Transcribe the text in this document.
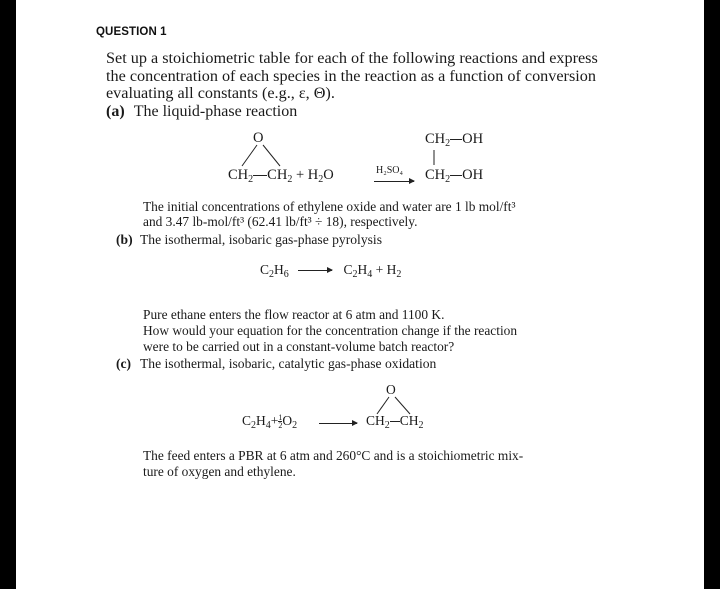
QUESTION 1
Set up a stoichiometric table for each of the following reactions and express
the concentration of each species in the reaction as a function of conversion
evaluating all constants (e.g., ε, Θ).
(a) The liquid-phase reaction
O
$CH_2$ $CH_2 + H_2O$	H₂SO₄
$CH_2$ OH
$CH_2$ OH
The initial concentrations of ethylene oxide and water are 1 lb mol/ft³
and 3.47 lb-mol/ft³ (62.41 lb/ft³ ÷ 18), respectively.
(b) The isothermal, isobaric gas-phase pyrolysis
$C_2H_6$	$C_2H_4 + H_2$
Pure ethane enters the flow reactor at 6 atm and 1100 K.
How would your equation for the concentration change if the reaction
were to be carried out in a constant-volume batch reactor?
(c) The isothermal, isobaric, catalytic gas-phase oxidation
$C_2H_4+ \frac{1}{2} O_2$
O
$CH_2$ $CH_2$
The feed enters a PBR at 6 atm and 260°C and is a stoichiometric mix-
ture of oxygen and ethylene.
